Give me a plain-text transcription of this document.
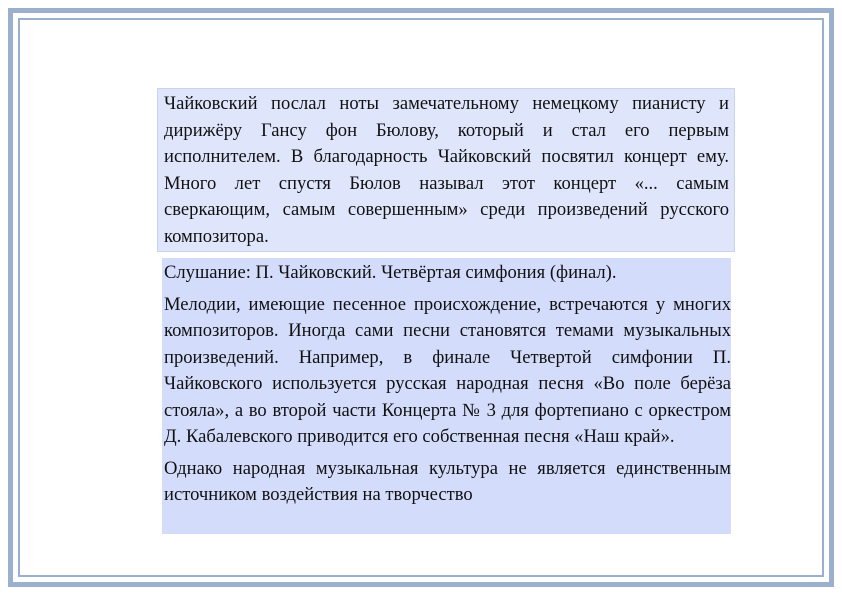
Чайковский послал ноты замечательному немецкому пианисту и дирижёру Гансу фон Бюлову, который и стал его первым исполнителем. В благодарность Чайковский посвятил концерт ему. Много лет спустя Бюлов называл этот концерт «... самым сверкающим, самым совершенным» среди произведений русского композитора.

Слушание: П. Чайковский. Четвёртая симфония (финал).

Мелодии, имеющие песенное происхождение, встречаются у многих композиторов. Иногда сами песни становятся темами музыкальных произведений. Например, в финале Четвертой симфонии П. Чайковского используется русская народная песня «Во поле берёза стояла», а во второй части Концерта № 3 для фортепиано с оркестром Д. Кабалевского приводится его собственная песня «Наш край».

Однако народная музыкальная культура не является единственным источником воздействия на творчество
